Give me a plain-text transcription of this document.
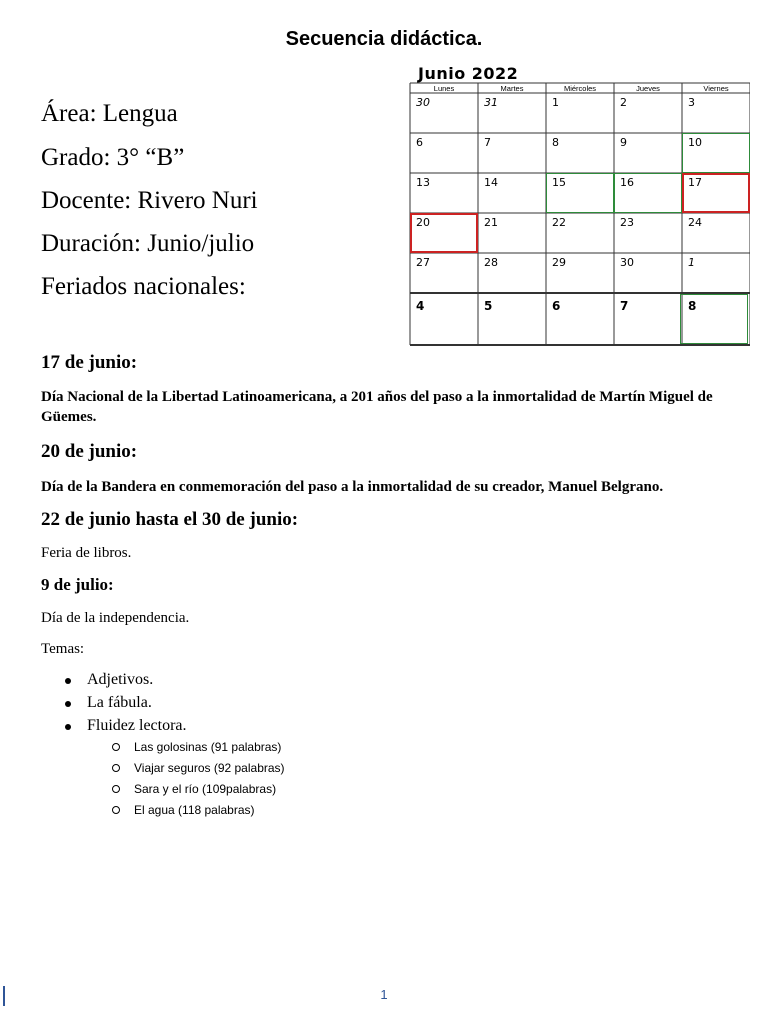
Secuencia didáctica.
Área: Lengua
Grado: 3° “B”
Docente: Rivero Nuri
Duración: Junio/julio
Feriados nacionales:
Junio 2022
Lunes	Martes	Miércoles	Jueves	Viernes
30	31	1	2	3
6	7	8	9	10
13	14	15	16	17
20	21	22	23	24
27	28	29	30	1
4	5	6	7	8
17 de junio:
Día Nacional de la Libertad Latinoamericana, a 201 años del paso a la inmortalidad de Martín Miguel de Güemes.
20 de junio:
Día de la Bandera en conmemoración del paso a la inmortalidad de su creador, Manuel Belgrano.
22 de junio hasta el 30 de junio:
Feria de libros.
9 de julio:
Día de la independencia.
Temas:
Adjetivos.
La fábula.
Fluidez lectora.
Las golosinas (91 palabras)
Viajar seguros (92 palabras)
Sara y el río (109palabras)
El agua (118 palabras)
1
